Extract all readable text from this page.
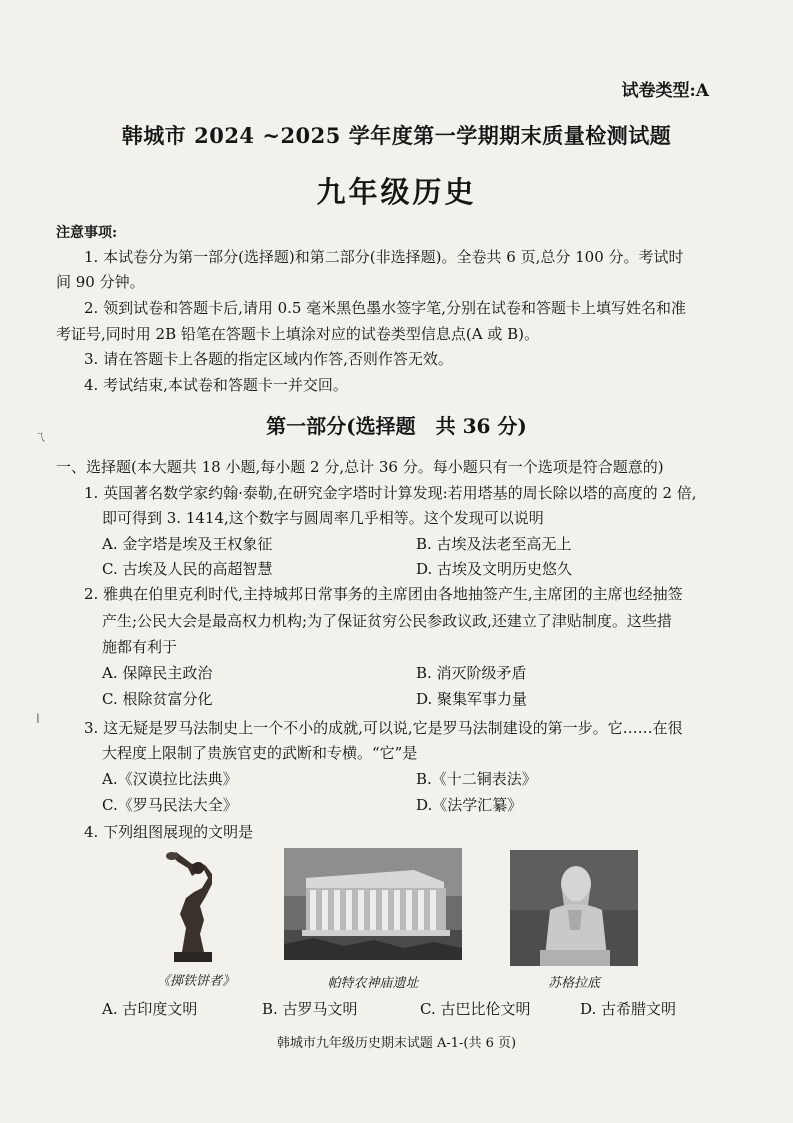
试卷类型:A
韩城市 2024 ~2025 学年度第一学期期末质量检测试题
九年级历史
注意事项:
1. 本试卷分为第一部分(选择题)和第二部分(非选择题)。全卷共 6 页,总分 100 分。考试时
间 90 分钟。
2. 领到试卷和答题卡后,请用 0.5 毫米黑色墨水签字笔,分别在试卷和答题卡上填写姓名和准
考证号,同时用 2B 铅笔在答题卡上填涂对应的试卷类型信息点(A 或 B)。
3. 请在答题卡上各题的指定区域内作答,否则作答无效。
4. 考试结束,本试卷和答题卡一并交回。
ㄟ	第一部分(选择题　共 36 分)
一、选择题(本大题共 18 小题,每小题 2 分,总计 36 分。每小题只有一个选项是符合题意的)
1. 英国著名数学家约翰·泰勒,在研究金字塔时计算发现:若用塔基的周长除以塔的高度的 2 倍,
即可得到 3. 1414,这个数字与圆周率几乎相等。这个发现可以说明
A. 金字塔是埃及王权象征	B. 古埃及法老至高无上
C. 古埃及人民的高超智慧	D. 古埃及文明历史悠久
2. 雅典在伯里克利时代,主持城邦日常事务的主席团由各地抽签产生,主席团的主席也经抽签
产生;公民大会是最高权力机构;为了保证贫穷公民参政议政,还建立了津贴制度。这些措
施都有利于
A. 保障民主政治	B. 消灭阶级矛盾
C. 根除贫富分化	D. 聚集军事力量
ǀ	3. 这无疑是罗马法制史上一个不小的成就,可以说,它是罗马法制建设的第一步。它……在很
大程度上限制了贵族官吏的武断和专横。“它”是
A.《汉谟拉比法典》	B.《十二铜表法》
C.《罗马民法大全》	D.《法学汇纂》
4. 下列组图展现的文明是
《掷铁饼者》	帕特农神庙遗址	苏格拉底
A. 古印度文明	B. 古罗马文明	C. 古巴比伦文明	D. 古希腊文明
韩城市九年级历史期末试题 A-1-(共 6 页)
